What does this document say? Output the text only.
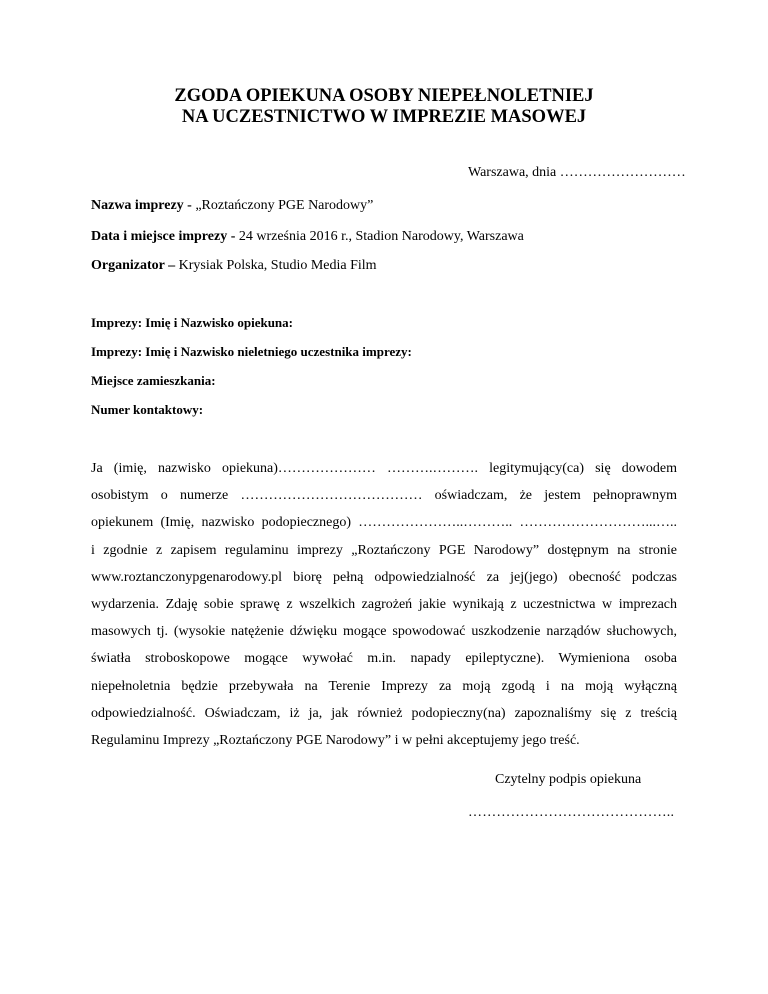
ZGODA OPIEKUNA OSOBY NIEPEŁNOLETNIEJ
NA UCZESTNICTWO W IMPREZIE MASOWEJ
Warszawa, dnia ………………………
Nazwa imprezy - „Roztańczony PGE Narodowy”
Data i miejsce imprezy - 24 września 2016 r., Stadion Narodowy, Warszawa
Organizator – Krysiak Polska, Studio Media Film
Imprezy: Imię i Nazwisko opiekuna:
Imprezy: Imię i Nazwisko nieletniego uczestnika imprezy:
Miejsce zamieszkania:
Numer kontaktowy:
Ja (imię, nazwisko opiekuna)………………… ……….………. legitymujący(ca) się dowodem
osobistym o numerze ………………………………… oświadczam, że jestem pełnoprawnym
opiekunem (Imię, nazwisko podopiecznego) …………………..……….. ………………………...…..
i zgodnie z zapisem regulaminu imprezy „Roztańczony PGE Narodowy” dostępnym na stronie
www.roztanczonypgenarodowy.pl biorę pełną odpowiedzialność za jej(jego) obecność podczas
wydarzenia. Zdaję sobie sprawę z wszelkich zagrożeń jakie wynikają z uczestnictwa w imprezach
masowych tj. (wysokie natężenie dźwięku mogące spowodować uszkodzenie narządów słuchowych,
światła stroboskopowe mogące wywołać m.in. napady epileptyczne). Wymieniona osoba
niepełnoletnia będzie przebywała na Terenie Imprezy za moją zgodą i na moją wyłączną
odpowiedzialność. Oświadczam, iż ja, jak również podopieczny(na) zapoznaliśmy się z treścią
Regulaminu Imprezy „Roztańczony PGE Narodowy” i w pełni akceptujemy jego treść.
Czytelny podpis opiekuna
……………………………………..
